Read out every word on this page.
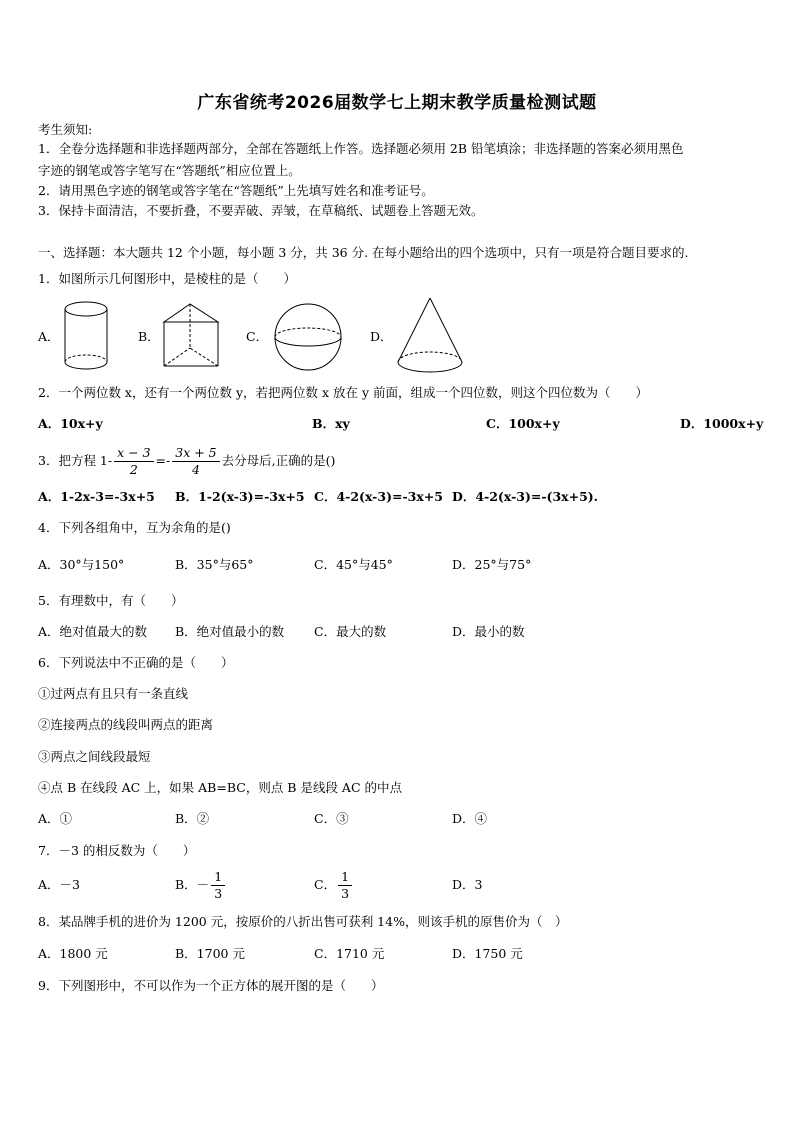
广东省统考2026届数学七上期末教学质量检测试题
考生须知:
1．全卷分选择题和非选择题两部分，全部在答题纸上作答。选择题必须用 2B 铅笔填涂；非选择题的答案必须用黑色
字迹的钢笔或答字笔写在“答题纸”相应位置上。
2．请用黑色字迹的钢笔或答字笔在“答题纸”上先填写姓名和准考证号。
3．保持卡面清洁，不要折叠，不要弄破、弄皱，在草稿纸、试题卷上答题无效。
一、选择题：本大题共 12 个小题，每小题 3 分，共 36 分. 在每小题给出的四个选项中，只有一项是符合题目要求的.
1．如图所示几何图形中，是棱柱的是（　　）
A．	B．	C．	D．
2．一个两位数 x，还有一个两位数 y，若把两位数 x 放在 y 前面，组成一个四位数，则这个四位数为（　　）
A．10x+y	B．xy	C．100x+y	D．1000x+y
3．把方程 $1- \frac{x - 3}{2} =- \frac{3x + 5}{4}$ 去分母后,正确的是()
A．1-2x-3=-3x+5 B．1-2(x-3)=-3x+5 C．4-2(x-3)=-3x+5 D．4-2(x-3)=-(3x+5).
4．下列各组角中，互为余角的是()
A．30°与150°	B．35°与65°	C．45°与45°	D．25°与75°
5．有理数中，有（　　）
A．绝对值最大的数 B．绝对值最小的数 C．最大的数	D．最小的数
6．下列说法中不正确的是（　　）
①过两点有且只有一条直线
②连接两点的线段叫两点的距离
③两点之间线段最短
④点 B 在线段 AC 上，如果 AB=BC，则点 B 是线段 AC 的中点
A．①	B．②	C．③	D．④
7．－3 的相反数为（　　）
A．－3	B．－ $\frac{1}{3}$	C． $\frac{1}{3}$	D．3
8．某品牌手机的进价为 1200 元，按原价的八折出售可获利 14%，则该手机的原售价为（　）
A．1800 元	B．1700 元	C．1710 元	D．1750 元
9．下列图形中，不可以作为一个正方体的展开图的是（　　）
